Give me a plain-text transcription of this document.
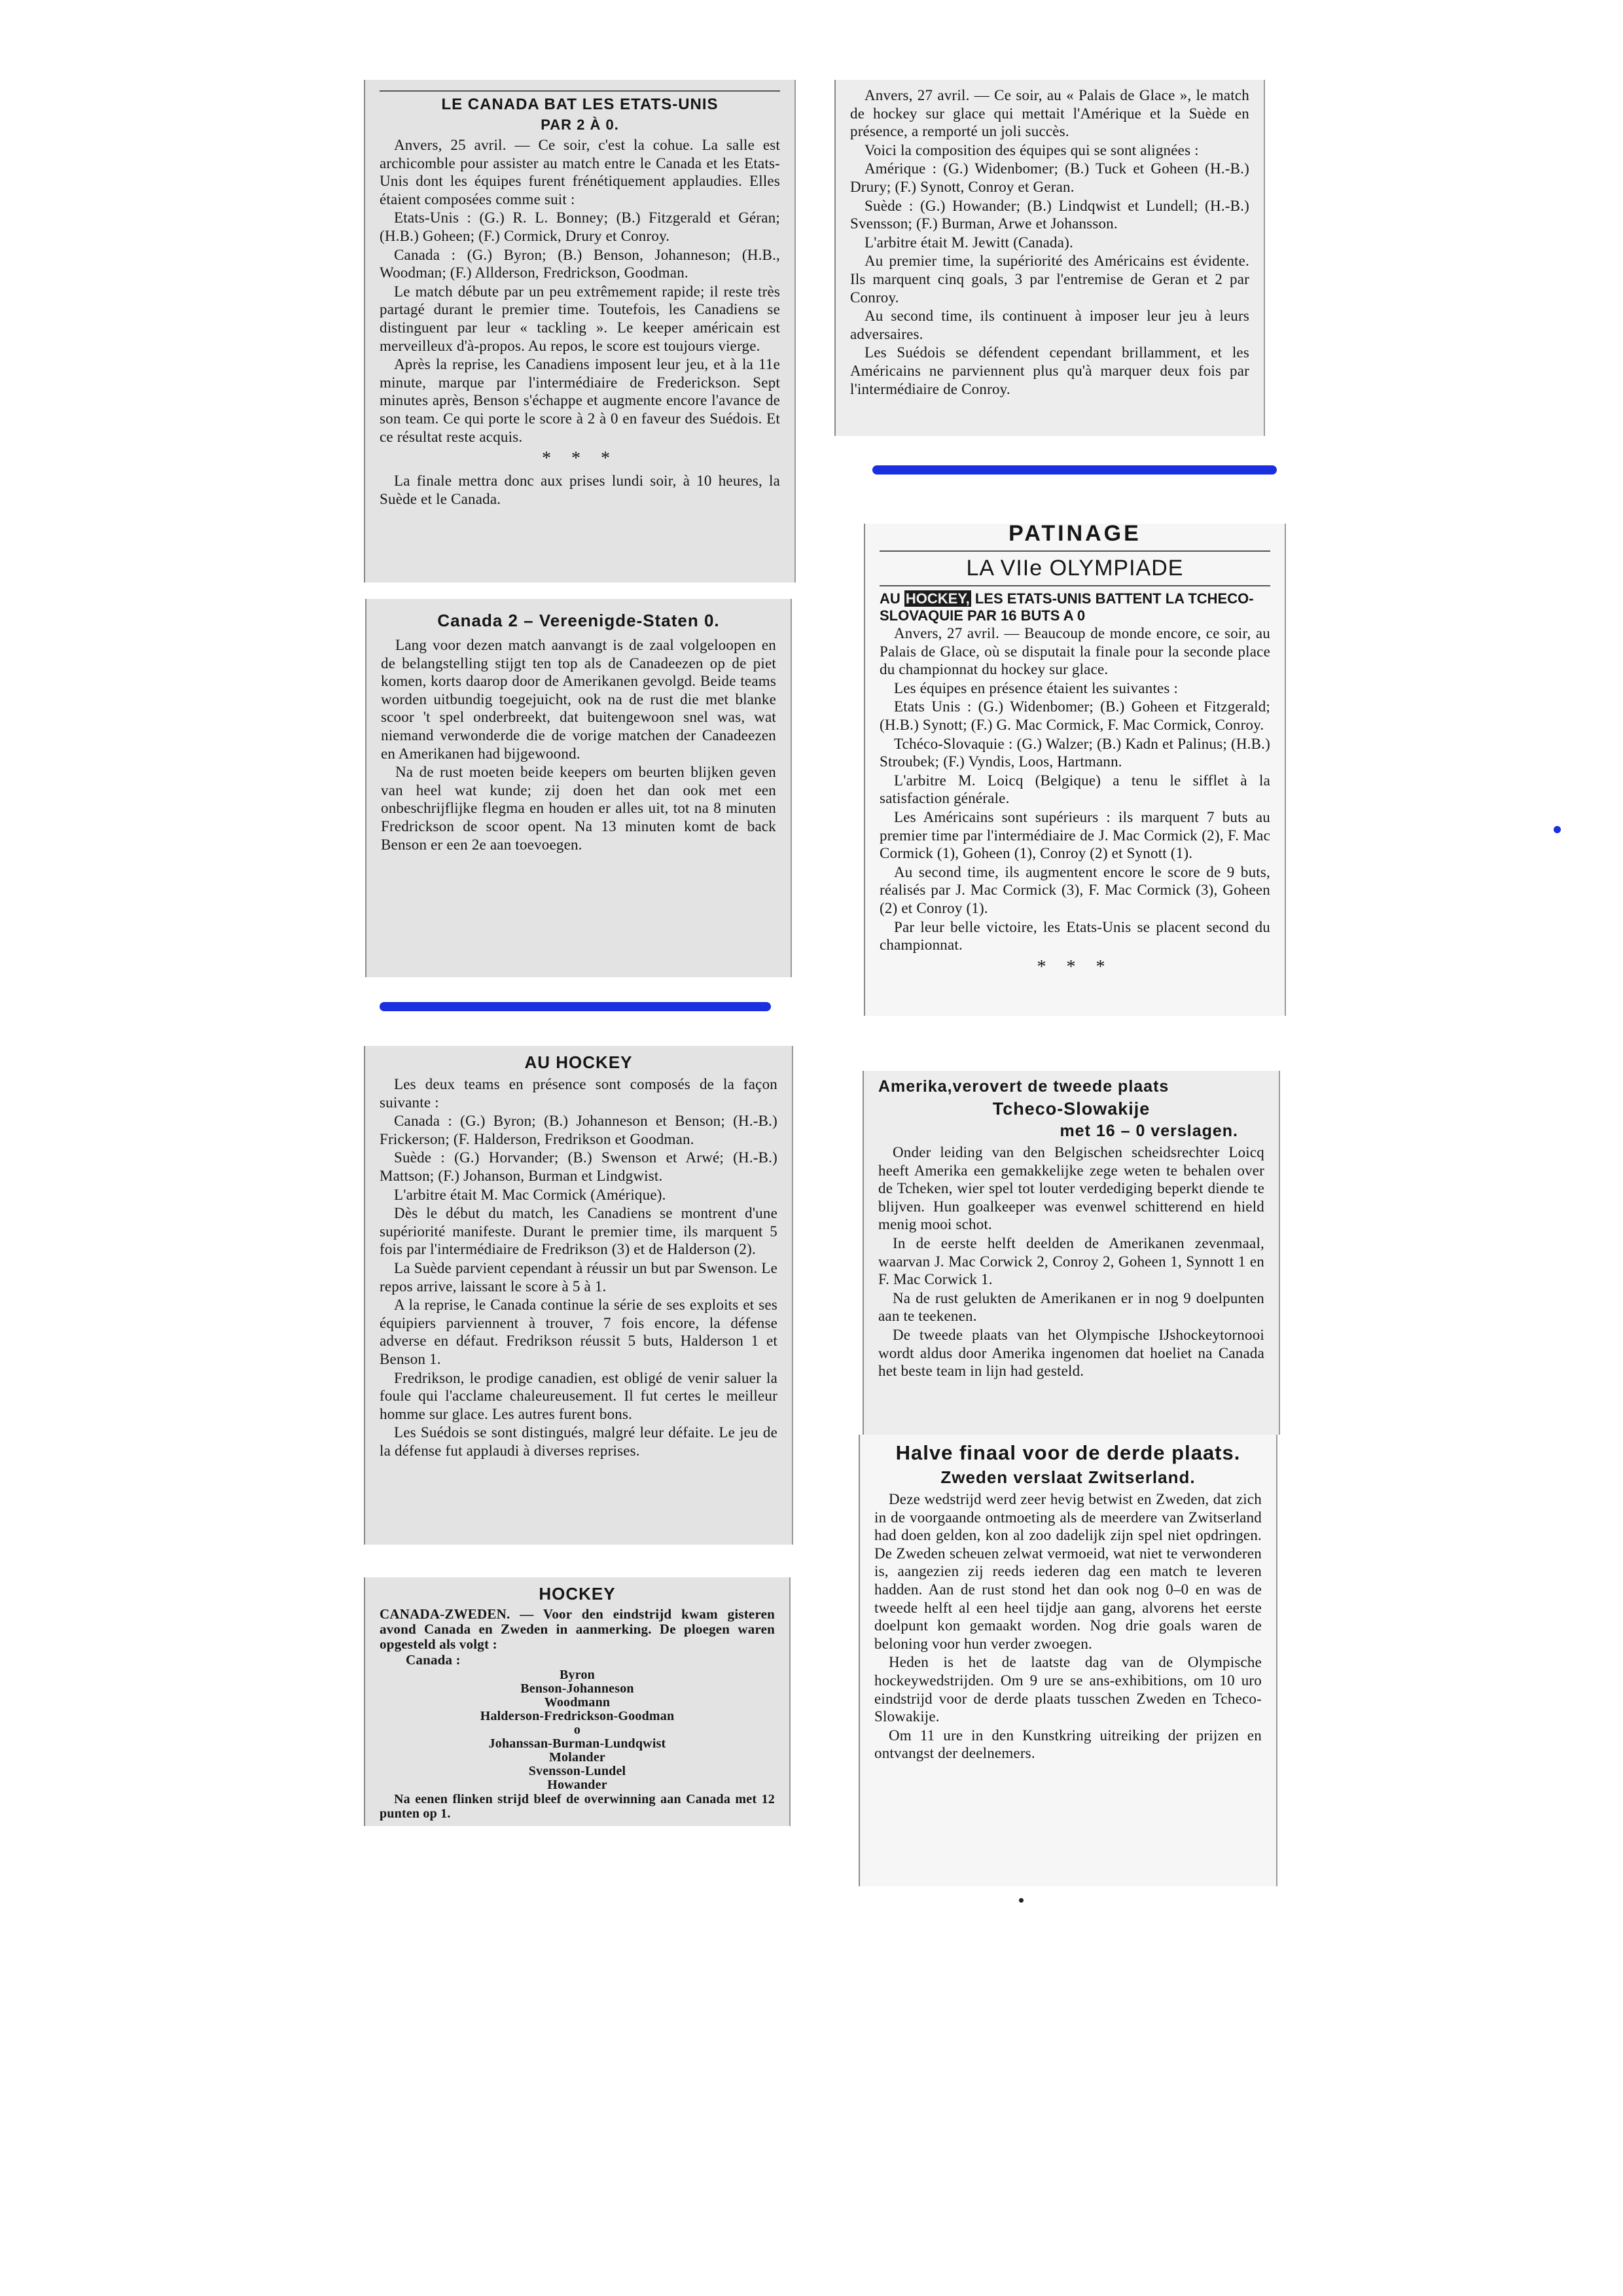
LE CANADA BAT LES ETATS-UNIS
PAR 2 À 0.

Anvers, 25 avril. — Ce soir, c'est la cohue. La salle est archicomble pour assister au match entre le Canada et les Etats-Unis dont les équipes furent frénétiquement applaudies. Elles étaient composées comme suit :

Etats-Unis : (G.) R. L. Bonney; (B.) Fitzgerald et Géran; (H.B.) Goheen; (F.) Cormick, Drury et Conroy.

Canada : (G.) Byron; (B.) Benson, Johanneson; (H.B., Woodman; (F.) Allderson, Fredrickson, Goodman.

Le match débute par un peu extrêmement rapide; il reste très partagé durant le premier time. Toutefois, les Canadiens se distinguent par leur « tackling ». Le keeper américain est merveilleux d'à-propos. Au repos, le score est toujours vierge.

Après la reprise, les Canadiens imposent leur jeu, et à la 11e minute, marque par l'intermédiaire de Frederickson. Sept minutes après, Benson s'échappe et augmente encore l'avance de son team. Ce qui porte le score à 2 à 0 en faveur des Suédois. Et ce résultat reste acquis.

* * *

La finale mettra donc aux prises lundi soir, à 10 heures, la Suède et le Canada.

Anvers, 27 avril. — Ce soir, au « Palais de Glace », le match de hockey sur glace qui mettait l'Amérique et la Suède en présence, a remporté un joli succès.

Voici la composition des équipes qui se sont alignées :

Amérique : (G.) Widenbomer; (B.) Tuck et Goheen (H.-B.) Drury; (F.) Synott, Conroy et Geran.

Suède : (G.) Howander; (B.) Lindqwist et Lundell; (H.-B.) Svensson; (F.) Burman, Arwe et Johansson.

L'arbitre était M. Jewitt (Canada).

Au premier time, la supériorité des Américains est évidente. Ils marquent cinq goals, 3 par l'entremise de Geran et 2 par Conroy.

Au second time, ils continuent à imposer leur jeu à leurs adversaires.

Les Suédois se défendent cependant brillamment, et les Américains ne parviennent plus qu'à marquer deux fois par l'intermédiaire de Conroy.

Canada 2 – Vereenigde-Staten 0.

Lang voor dezen match aanvangt is de zaal volgeloopen en de belangstelling stijgt ten top als de Canadeezen op de piet komen, korts daarop door de Amerikanen gevolgd. Beide teams worden uitbundig toegejuicht, ook na de rust die met blanke scoor 't spel onderbreekt, dat buitengewoon snel was, wat niemand verwonderde die de vorige matchen der Canadeezen en Amerikanen had bijgewoond.

Na de rust moeten beide keepers om beurten blijken geven van heel wat kunde; zij doen het dan ook met een onbeschrijflijke flegma en houden er alles uit, tot na 8 minuten Fredrickson de scoor opent. Na 13 minuten komt de back Benson er een 2e aan toevoegen.

PATINAGE
LA VIIe OLYMPIADE
AU HOCKEY, LES ETATS-UNIS BATTENT LA TCHECO-SLOVAQUIE PAR 16 BUTS A 0

Anvers, 27 avril. — Beaucoup de monde encore, ce soir, au Palais de Glace, où se disputait la finale pour la seconde place du championnat du hockey sur glace.

Les équipes en présence étaient les suivantes :

Etats Unis : (G.) Widenbomer; (B.) Goheen et Fitzgerald; (H.B.) Synott; (F.) G. Mac Cormick, F. Mac Cormick, Conroy.

Tchéco-Slovaquie : (G.) Walzer; (B.) Kadn et Palinus; (H.B.) Stroubek; (F.) Vyndis, Loos, Hartmann.

L'arbitre M. Loicq (Belgique) a tenu le sifflet à la satisfaction générale.

Les Américains sont supérieurs : ils marquent 7 buts au premier time par l'intermédiaire de J. Mac Cormick (2), F. Mac Cormick (1), Goheen (1), Conroy (2) et Synott (1).

Au second time, ils augmentent encore le score de 9 buts, réalisés par J. Mac Cormick (3), F. Mac Cormick (3), Goheen (2) et Conroy (1).

Par leur belle victoire, les Etats-Unis se placent second du championnat.

* * *
AU HOCKEY

Les deux teams en présence sont composés de la façon suivante :

Canada : (G.) Byron; (B.) Johanneson et Benson; (H.-B.) Frickerson; (F. Halderson, Fredrikson et Goodman.

Suède : (G.) Horvander; (B.) Swenson et Arwé; (H.-B.) Mattson; (F.) Johanson, Burman et Lindgwist.

L'arbitre était M. Mac Cormick (Amérique).

Dès le début du match, les Canadiens se montrent d'une supériorité manifeste. Durant le premier time, ils marquent 5 fois par l'intermédiaire de Fredrikson (3) et de Halderson (2).

La Suède parvient cependant à réussir un but par Swenson. Le repos arrive, laissant le score à 5 à 1.

A la reprise, le Canada continue la série de ses exploits et ses équipiers parviennent à trouver, 7 fois encore, la défense adverse en défaut. Fredrikson réussit 5 buts, Halderson 1 et Benson 1.

Fredrikson, le prodige canadien, est obligé de venir saluer la foule qui l'acclame chaleureusement. Il fut certes le meilleur homme sur glace. Les autres furent bons.

Les Suédois se sont distingués, malgré leur défaite. Le jeu de la défense fut applaudi à diverses reprises.

Amerika,verovert de tweede plaats
Tcheco-Slowakije
met 16 – 0 verslagen.

Onder leiding van den Belgischen scheidsrechter Loicq heeft Amerika een gemakkelijke zege weten te behalen over de Tcheken, wier spel tot louter verdediging beperkt diende te blijven. Hun goalkeeper was evenwel schitterend en hield menig mooi schot.

In de eerste helft deelden de Amerikanen zevenmaal, waarvan J. Mac Corwick 2, Conroy 2, Goheen 1, Synnott 1 en F. Mac Corwick 1.

Na de rust gelukten de Amerikanen er in nog 9 doelpunten aan te teekenen.

De tweede plaats van het Olympische IJshockeytornooi wordt aldus door Amerika ingenomen dat hoeliet na Canada het beste team in lijn had gesteld.

Halve finaal voor de derde plaats.
Zweden verslaat Zwitserland.

Deze wedstrijd werd zeer hevig betwist en Zweden, dat zich in de voorgaande ontmoeting als de meerdere van Zwitserland had doen gelden, kon al zoo dadelijk zijn spel niet opdringen. De Zweden scheuen zelwat vermoeid, wat niet te verwonderen is, aangezien zij reeds iederen dag een match te leveren hadden. Aan de rust stond het dan ook nog 0–0 en was de tweede helft al een heel tijdje aan gang, alvorens het eerste doelpunt kon gemaakt worden. Nog drie goals waren de beloning voor hun verder zwoegen.

Heden is het de laatste dag van de Olympische hockeywedstrijden. Om 9 ure se ans-exhibitions, om 10 uro eindstrijd voor de derde plaats tusschen Zweden en Tcheco-Slowakije.

Om 11 ure in den Kunstkring uitreiking der prijzen en ontvangst der deelnemers.

HOCKEY

CANADA-ZWEDEN. — Voor den eindstrijd kwam gisteren avond Canada en Zweden in aanmerking. De ploegen waren opgesteld als volgt :

Canada :

Byron

Benson-Johanneson

Woodmann

Halderson-Fredrickson-Goodman

o

Johanssan-Burman-Lundqwist

Molander

Svensson-Lundel

Howander

Na eenen flinken strijd bleef de overwinning aan Canada met 12 punten op 1.
